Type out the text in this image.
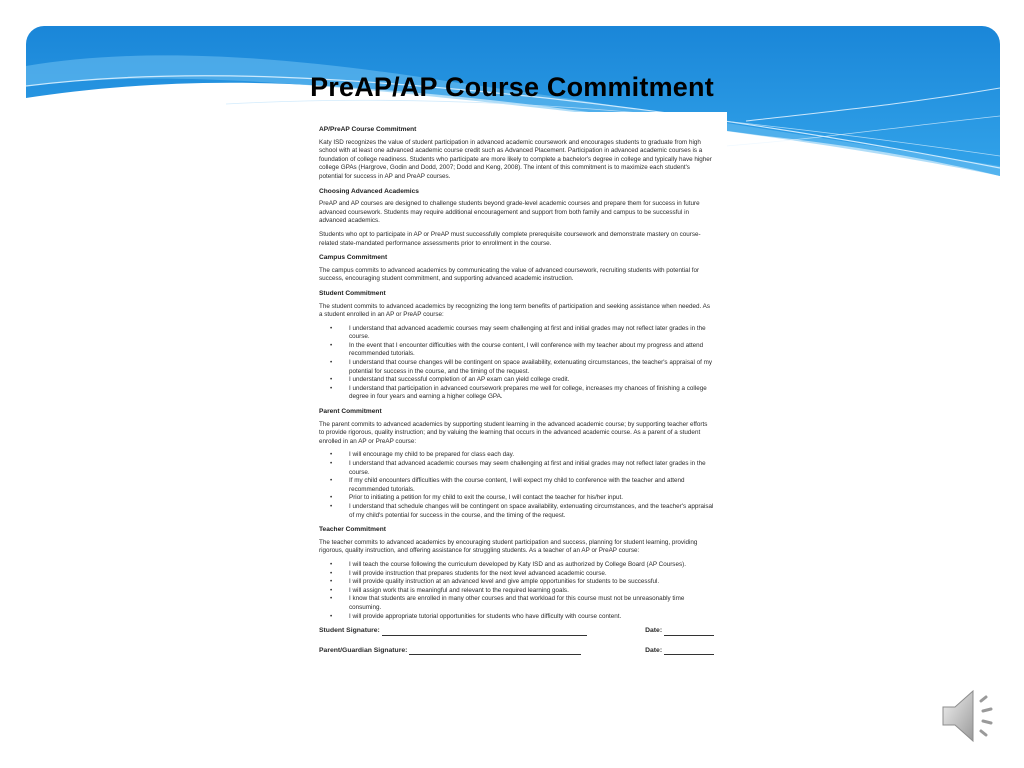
PreAP/AP Course Commitment
AP/PreAP Course Commitment

Katy ISD recognizes the value of student participation in advanced academic coursework and encourages students to graduate from high school with at least one advanced academic course credit such as Advanced Placement. Participation in advanced academic courses is a foundation of college readiness. Students who participate are more likely to complete a bachelor's degree in college and typically have higher college GPAs (Hargrove, Godin and Dodd, 2007; Dodd and Keng, 2008). The intent of this commitment is to maximize each student's potential for success in AP and PreAP courses.

Choosing Advanced Academics

PreAP and AP courses are designed to challenge students beyond grade-level academic courses and prepare them for success in future advanced coursework. Students may require additional encouragement and support from both family and campus to be successful in advanced academics.

Students who opt to participate in AP or PreAP must successfully complete prerequisite coursework and demonstrate mastery on course-related state-mandated performance assessments prior to enrollment in the course.

Campus Commitment

The campus commits to advanced academics by communicating the value of advanced coursework, recruiting students with potential for success, encouraging student commitment, and supporting advanced academic instruction.

Student Commitment

The student commits to advanced academics by recognizing the long term benefits of participation and seeking assistance when needed. As a student enrolled in an AP or PreAP course:

• I understand that advanced academic courses may seem challenging at first and initial grades may not reflect later grades in the course.
• In the event that I encounter difficulties with the course content, I will conference with my teacher about my progress and attend recommended tutorials.
• I understand that course changes will be contingent on space availability, extenuating circumstances, the teacher's appraisal of my potential for success in the course, and the timing of the request.
• I understand that successful completion of an AP exam can yield college credit.
• I understand that participation in advanced coursework prepares me well for college, increases my chances of finishing a college degree in four years and earning a higher college GPA.
Parent Commitment

The parent commits to advanced academics by supporting student learning in the advanced academic course; by supporting teacher efforts to provide rigorous, quality instruction; and by valuing the learning that occurs in the advanced academic course. As a parent of a student enrolled in an AP or PreAP course:

• I will encourage my child to be prepared for class each day.
• I understand that advanced academic courses may seem challenging at first and initial grades may not reflect later grades in the course.
• If my child encounters difficulties with the course content, I will expect my child to conference with the teacher and attend recommended tutorials.
• Prior to initiating a petition for my child to exit the course, I will contact the teacher for his/her input.
• I understand that schedule changes will be contingent on space availability, extenuating circumstances, and the teacher's appraisal of my child's potential for success in the course, and the timing of the request.
Teacher Commitment

The teacher commits to advanced academics by encouraging student participation and success, planning for student learning, providing rigorous, quality instruction, and offering assistance for struggling students. As a teacher of an AP or PreAP course:

• I will teach the course following the curriculum developed by Katy ISD and as authorized by College Board (AP Courses).
• I will provide instruction that prepares students for the next level advanced academic course.
• I will provide quality instruction at an advanced level and give ample opportunities for students to be successful.
• I will assign work that is meaningful and relevant to the required learning goals.
• I know that students are enrolled in many other courses and that workload for this course must not be unreasonably time consuming.
• I will provide appropriate tutorial opportunities for students who have difficulty with course content.
Student Signature:	Date:
Parent/Guardian Signature:	Date:
